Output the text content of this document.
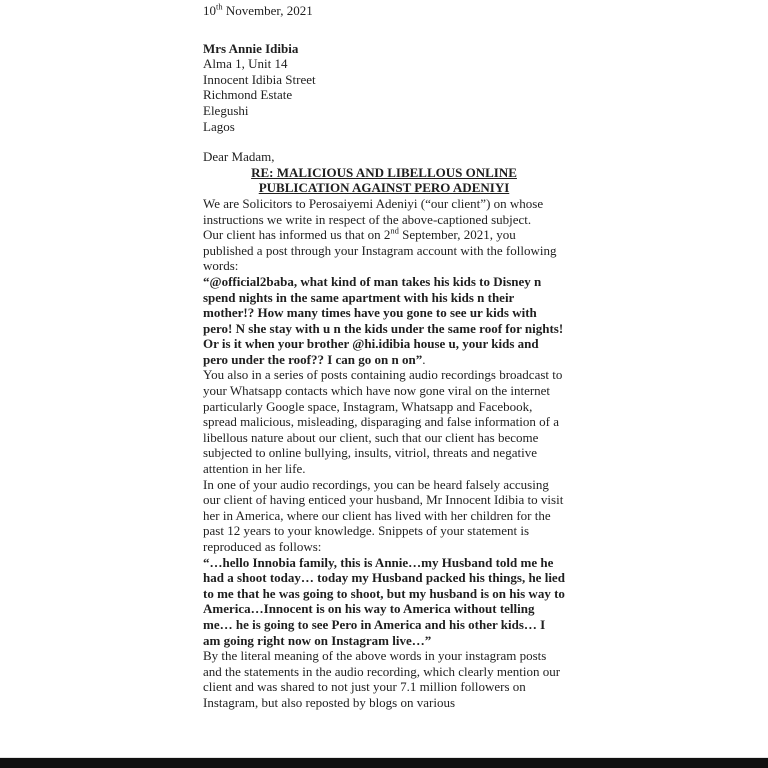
10th November, 2021
Mrs Annie Idibia
Alma 1, Unit 14
Innocent Idibia Street
Richmond Estate
Elegushi
Lagos
Dear Madam,
RE: MALICIOUS AND LIBELLOUS ONLINE
PUBLICATION AGAINST PERO ADENIYI

We are Solicitors to Perosaiyemi Adeniyi (“our client”) on whose instructions we write in respect of the above-captioned subject.

Our client has informed us that on 2nd September, 2021, you published a post through your Instagram account with the following words:

“@official2baba, what kind of man takes his kids to Disney n spend nights in the same apartment with his kids n their mother!? How many times have you gone to see ur kids with pero! N she stay with u n the kids under the same roof for nights! Or is it when your brother @hi.idibia house u, your kids and pero under the roof?? I can go on n on”.

You also in a series of posts containing audio recordings broadcast to your Whatsapp contacts which have now gone viral on the internet particularly Google space, Instagram, Whatsapp and Facebook, spread malicious, misleading, disparaging and false information of a libellous nature about our client, such that our client has become subjected to online bullying, insults, vitriol, threats and negative attention in her life.

In one of your audio recordings, you can be heard falsely accusing our client of having enticed your husband, Mr Innocent Idibia to visit her in America, where our client has lived with her children for the past 12 years to your knowledge. Snippets of your statement is reproduced as follows:

“…hello Innobia family, this is Annie…my Husband told me he had a shoot today… today my Husband packed his things, he lied to me that he was going to shoot, but my husband is on his way to America…Innocent is on his way to America without telling me… he is going to see Pero in America and his other kids… I am going right now on Instagram live…”

By the literal meaning of the above words in your instagram posts and the statements in the audio recording, which clearly mention our client and was shared to not just your 7.1 million followers on Instagram, but also reposted by blogs on various
